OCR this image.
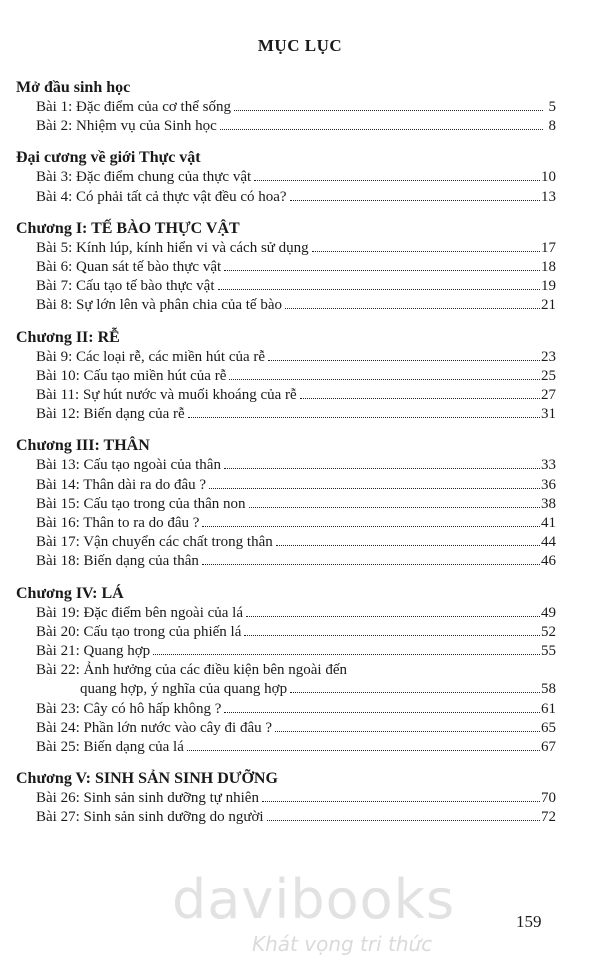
MỤC LỤC
Mở đầu sinh học
Bài 1: Đặc điểm của cơ thể sống	5
Bài 2: Nhiệm vụ của Sinh học	8
Đại cương về giới Thực vật
Bài 3: Đặc điểm chung của thực vật	10
Bài 4: Có phải tất cả thực vật đều có hoa?	13
Chương I: TẾ BÀO THỰC VẬT
Bài 5: Kính lúp, kính hiển vi và cách sử dụng	17
Bài 6: Quan sát tế bào thực vật	18
Bài 7: Cấu tạo tế bào thực vật	19
Bài 8: Sự lớn lên và phân chia của tế bào	21
Chương II: RỄ
Bài 9: Các loại rễ, các miền hút của rễ	23
Bài 10: Cấu tạo miền hút của rễ	25
Bài 11: Sự hút nước và muối khoáng của rễ	27
Bài 12: Biến dạng của rễ	31
Chương III: THÂN
Bài 13: Cấu tạo ngoài của thân	33
Bài 14: Thân dài ra do đâu ?	36
Bài 15: Cấu tạo trong của thân non	38
Bài 16: Thân to ra do đâu ?	41
Bài 17: Vận chuyển các chất trong thân	44
Bài 18: Biến dạng của thân	46
Chương IV: LÁ
Bài 19: Đặc điểm bên ngoài của lá	49
Bài 20: Cấu tạo trong của phiến lá	52
Bài 21: Quang hợp	55
Bài 22: Ảnh hưởng của các điều kiện bên ngoài đến
quang hợp, ý nghĩa của quang hợp	58
Bài 23: Cây có hô hấp không ?	61
Bài 24: Phần lớn nước vào cây đi đâu ?	65
Bài 25: Biến dạng của lá	67
Chương V: SINH SẢN SINH DƯỠNG
Bài 26: Sinh sản sinh dưỡng tự nhiên	70
Bài 27: Sinh sản sinh dưỡng do người	72
davibooks
Khát vọng tri thức
159
